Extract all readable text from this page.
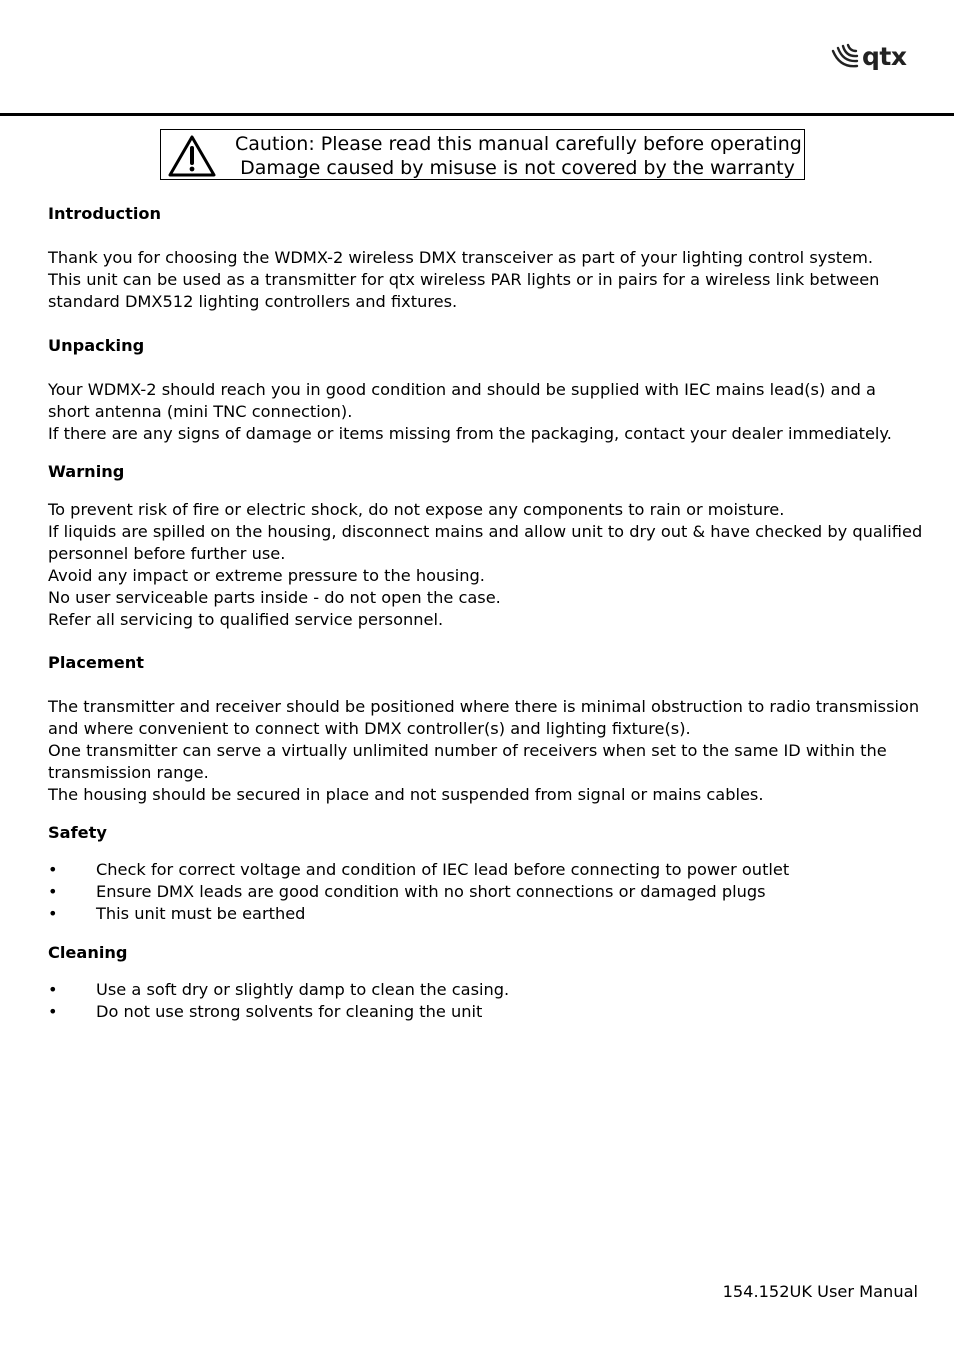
qtx
Caution: Please read this manual carefully before operating
Damage caused by misuse is not covered by the warranty
Introduction
Thank you for choosing the WDMX-2 wireless DMX transceiver as part of your lighting control system.
This unit can be used as a transmitter for qtx wireless PAR lights or in pairs for a wireless link between
standard DMX512 lighting controllers and fixtures.
Unpacking
Your WDMX-2 should reach you in good condition and should be supplied with IEC mains lead(s) and a
short antenna (mini TNC connection).
If there are any signs of damage or items missing from the packaging, contact your dealer immediately.
Warning
To prevent risk of fire or electric shock, do not expose any components to rain or moisture.
If liquids are spilled on the housing, disconnect mains and allow unit to dry out & have checked by qualified
personnel before further use.
Avoid any impact or extreme pressure to the housing.
No user serviceable parts inside - do not open the case.
Refer all servicing to qualified service personnel.
Placement
The transmitter and receiver should be positioned where there is minimal obstruction to radio transmission
and where convenient to connect with DMX controller(s) and lighting fixture(s).
One transmitter can serve a virtually unlimited number of receivers when set to the same ID within the
transmission range.
The housing should be secured in place and not suspended from signal or mains cables.
Safety
• Check for correct voltage and condition of IEC lead before connecting to power outlet
• Ensure DMX leads are good condition with no short connections or damaged plugs
• This unit must be earthed
Cleaning
• Use a soft dry or slightly damp to clean the casing.
• Do not use strong solvents for cleaning the unit
154.152UK User Manual
